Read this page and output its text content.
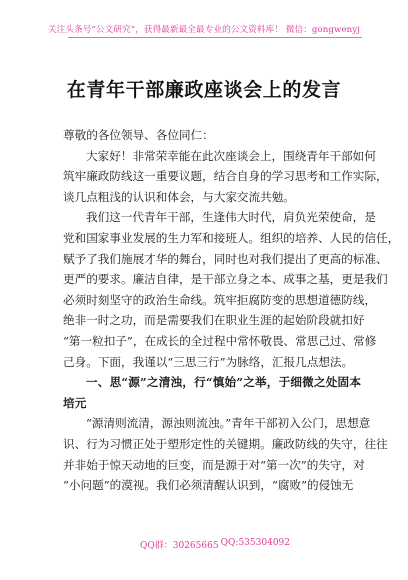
关注头条号“公文研究”，获得最新最全最专业的公文资料库！ 微信：gongwenyj
在青年干部廉政座谈会上的发言
尊敬的各位领导、各位同仁：
大家好！非常荣幸能在此次座谈会上，围绕青年干部如何
筑牢廉政防线这一重要议题，结合自身的学习思考和工作实际，
谈几点粗浅的认识和体会，与大家交流共勉。
我们这一代青年干部，生逢伟大时代，肩负光荣使命，是
党和国家事业发展的生力军和接班人。组织的培养、人民的信任，
赋予了我们施展才华的舞台，同时也对我们提出了更高的标准、
更严的要求。廉洁自律，是干部立身之本、成事之基，更是我们
必须时刻坚守的政治生命线。筑牢拒腐防变的思想道德防线，
绝非一时之功，而是需要我们在职业生涯的起始阶段就扣好
“第一粒扣子”，在成长的全过程中常怀敬畏、常思己过、常修
己身。下面，我谨以“三思三行”为脉络，汇报几点想法。
一、思“源”之清浊，行“慎始”之举，于细微之处固本
培元
“源清则流清，源浊则流浊。”青年干部初入公门，思想意
识、行为习惯正处于塑形定性的关键期。廉政防线的失守，往往
并非始于惊天动地的巨变，而是源于对“第一次”的失守，对
“小问题”的漠视。我们必须清醒认识到，“腐败”的侵蚀无
QQ群：30265665 QQ:535304092
